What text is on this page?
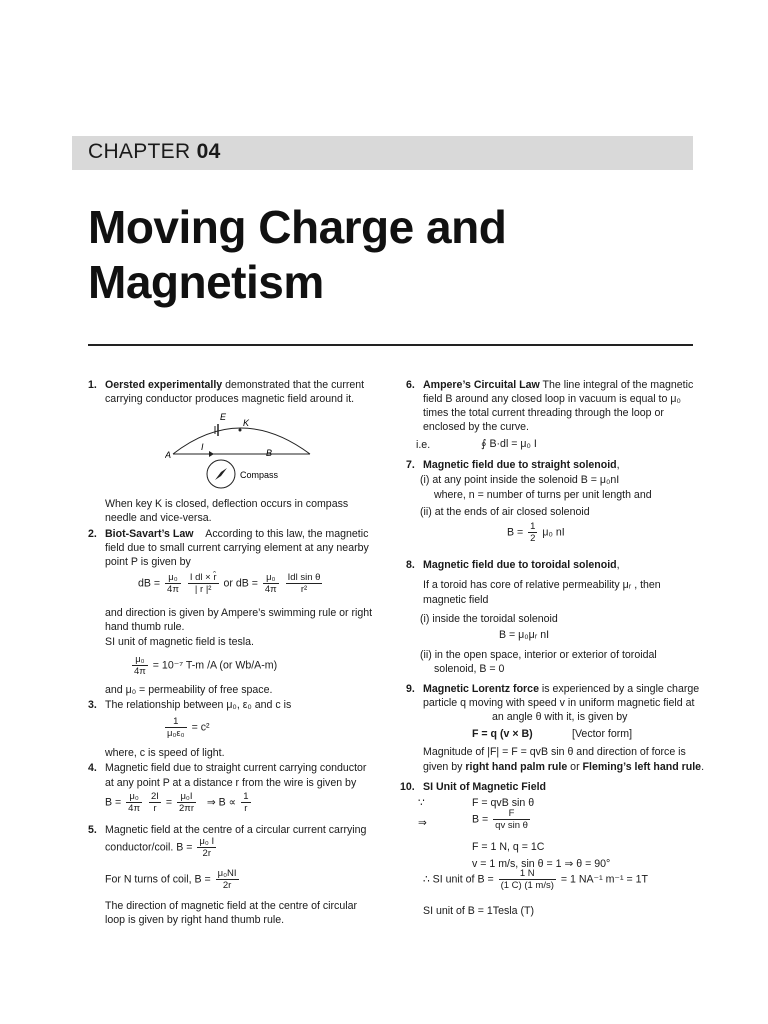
CHAPTER 04
Moving Charge and
Magnetism
1. Oersted experimentally demonstrated that the current
carrying conductor produces magnetic field around it.
E
K
A
I
B
Compass
When key K is closed, deflection occurs in compass
needle and vice-versa.
2. Biot-Savart’s Law According to this law, the magnetic
field due to small current carrying element at any nearby
point P is given by
dB = $\frac{\text{μ₀}}{4\pi}$
$\frac{\text{I dl × r̂}}{\text{| r |²}}$ or dB = $\frac{\text{μ₀}}{4\pi}$
$\frac{\text{Idl sin θ}}{\text{r²}}$
and direction is given by Ampere’s swimming rule or right
hand thumb rule.
SI unit of magnetic field is tesla.
$\frac{\text{μ₀}}{4\pi} = 10^{-7}$ T-m /A (or Wb/A-m)
and μ₀ = permeability of free space.
3. The relationship between μ₀, ε₀ and c is
$\frac{1}{\text{μ₀ε₀}} = c^2$
where, c is speed of light.
4. Magnetic field due to straight current carrying conductor
at any point P at a distance r from the wire is given by
$B = \frac{\text{μ₀}}{4\pi}$
$\frac{2I}{r} = \frac{\text{μ₀I}}{2\pi r}$ ⇒ $B \propto \frac{1}{r}$
5. Magnetic field at the centre of a circular current carrying
conductor/coil. $B = \frac{\text{μ₀ I}}{2r}$
For N turns of coil, $B = \frac{\text{μ₀NI}}{2r}$
The direction of magnetic field at the centre of circular
loop is given by right hand thumb rule.
6. Ampere’s Circuital Law The line integral of the magnetic
field B around any closed loop in vacuum is equal to μ₀
times the total current threading through the loop or
enclosed by the curve.
i.e.	∮ B·dl = μ₀ I
7. Magnetic field due to straight solenoid,
(i) at any point inside the solenoid B = μ₀nI
where, n = number of turns per unit length and
(ii) at the ends of air closed solenoid
$B = \frac{1}{2} \mu_0$ nI
8. Magnetic field due to toroidal solenoid,
If a toroid has core of relative permeability μᵣ , then
magnetic field
(i) inside the toroidal solenoid
B = μ₀μᵣ nI
(ii) in the open space, interior or exterior of toroidal
solenoid, B = 0
9. Magnetic Lorentz force is experienced by a single charge
particle q moving with speed v in uniform magnetic field at
an angle θ with it, is given by
F = q (v × B)	[Vector form]
Magnitude of |F| = F = qvB sin θ and direction of force is
given by right hand palm rule or Fleming’s left hand rule.
10. SI Unit of Magnetic Field
∵	F = qvB sin θ
⇒	$B = \frac{F}{\text{qv sin θ}}$
F = 1 N, q = 1C
v = 1 m/s, sin θ = 1 ⇒ θ = 90°
∴ SI unit of $B = \frac{1 N}{(1 C) (1 m/s)} = 1$ NA⁻¹ m⁻¹ = 1T
SI unit of B = 1Tesla (T)
